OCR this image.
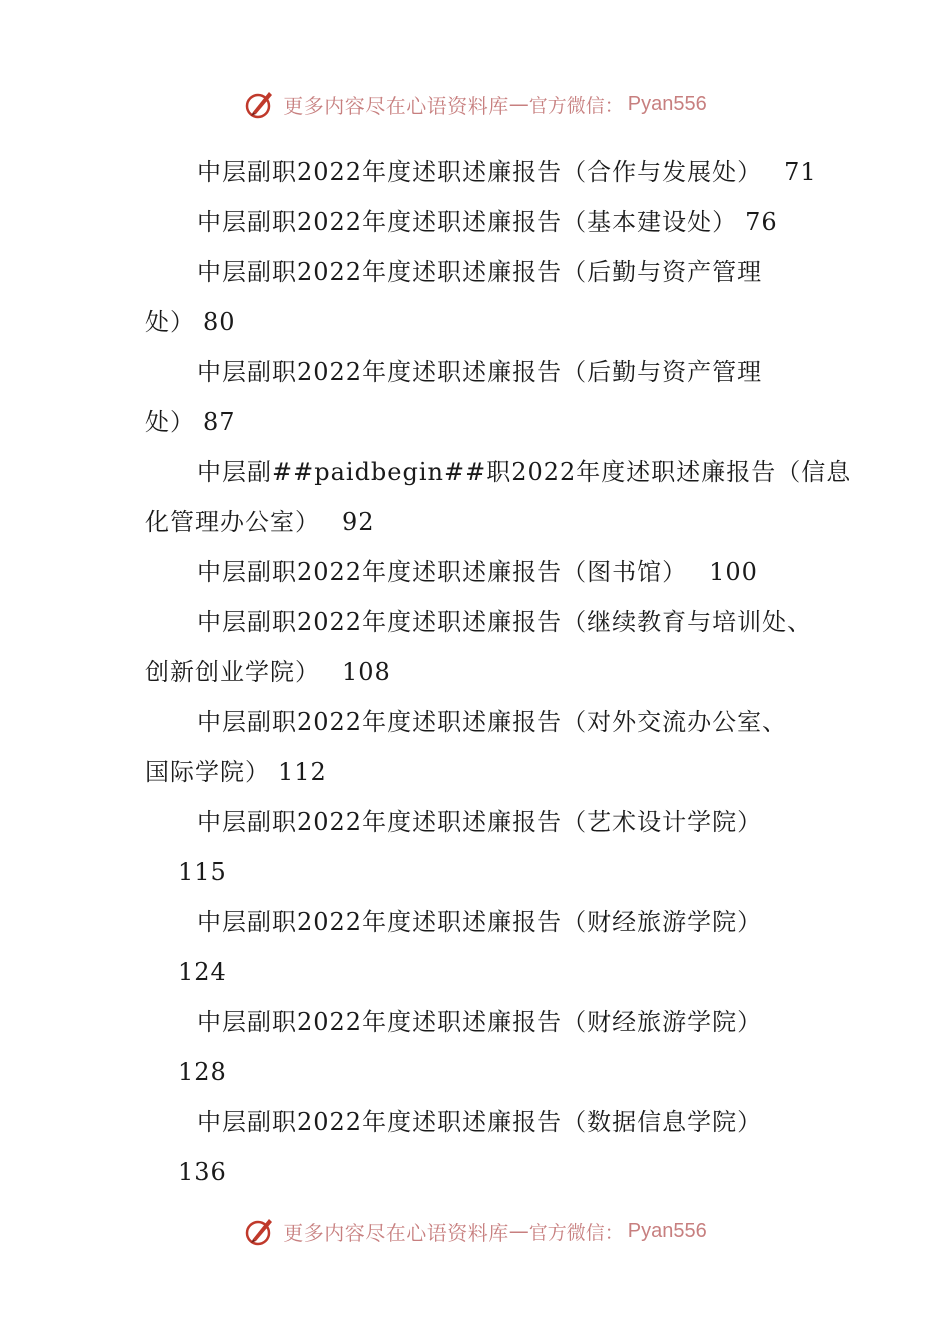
更多内容尽在心语资料库 — 官方微信： Pyan556
中层副职2022年度述职述廉报告（合作与发展处） 71
中层副职2022年度述职述廉报告（基本建设处） 76
中层副职2022年度述职述廉报告（后勤与资产管理
处） 80
中层副职2022年度述职述廉报告（后勤与资产管理
处） 87
中层副##paidbegin##职2022年度述职述廉报告（信息
化管理办公室） 92
中层副职2022年度述职述廉报告（图书馆） 100
中层副职2022年度述职述廉报告（继续教育与培训处、
创新创业学院） 108
中层副职2022年度述职述廉报告（对外交流办公室、
国际学院） 112
中层副职2022年度述职述廉报告（艺术设计学院）
115
中层副职2022年度述职述廉报告（财经旅游学院）
124
中层副职2022年度述职述廉报告（财经旅游学院）
128
中层副职2022年度述职述廉报告（数据信息学院）
136
更多内容尽在心语资料库 — 官方微信： Pyan556
